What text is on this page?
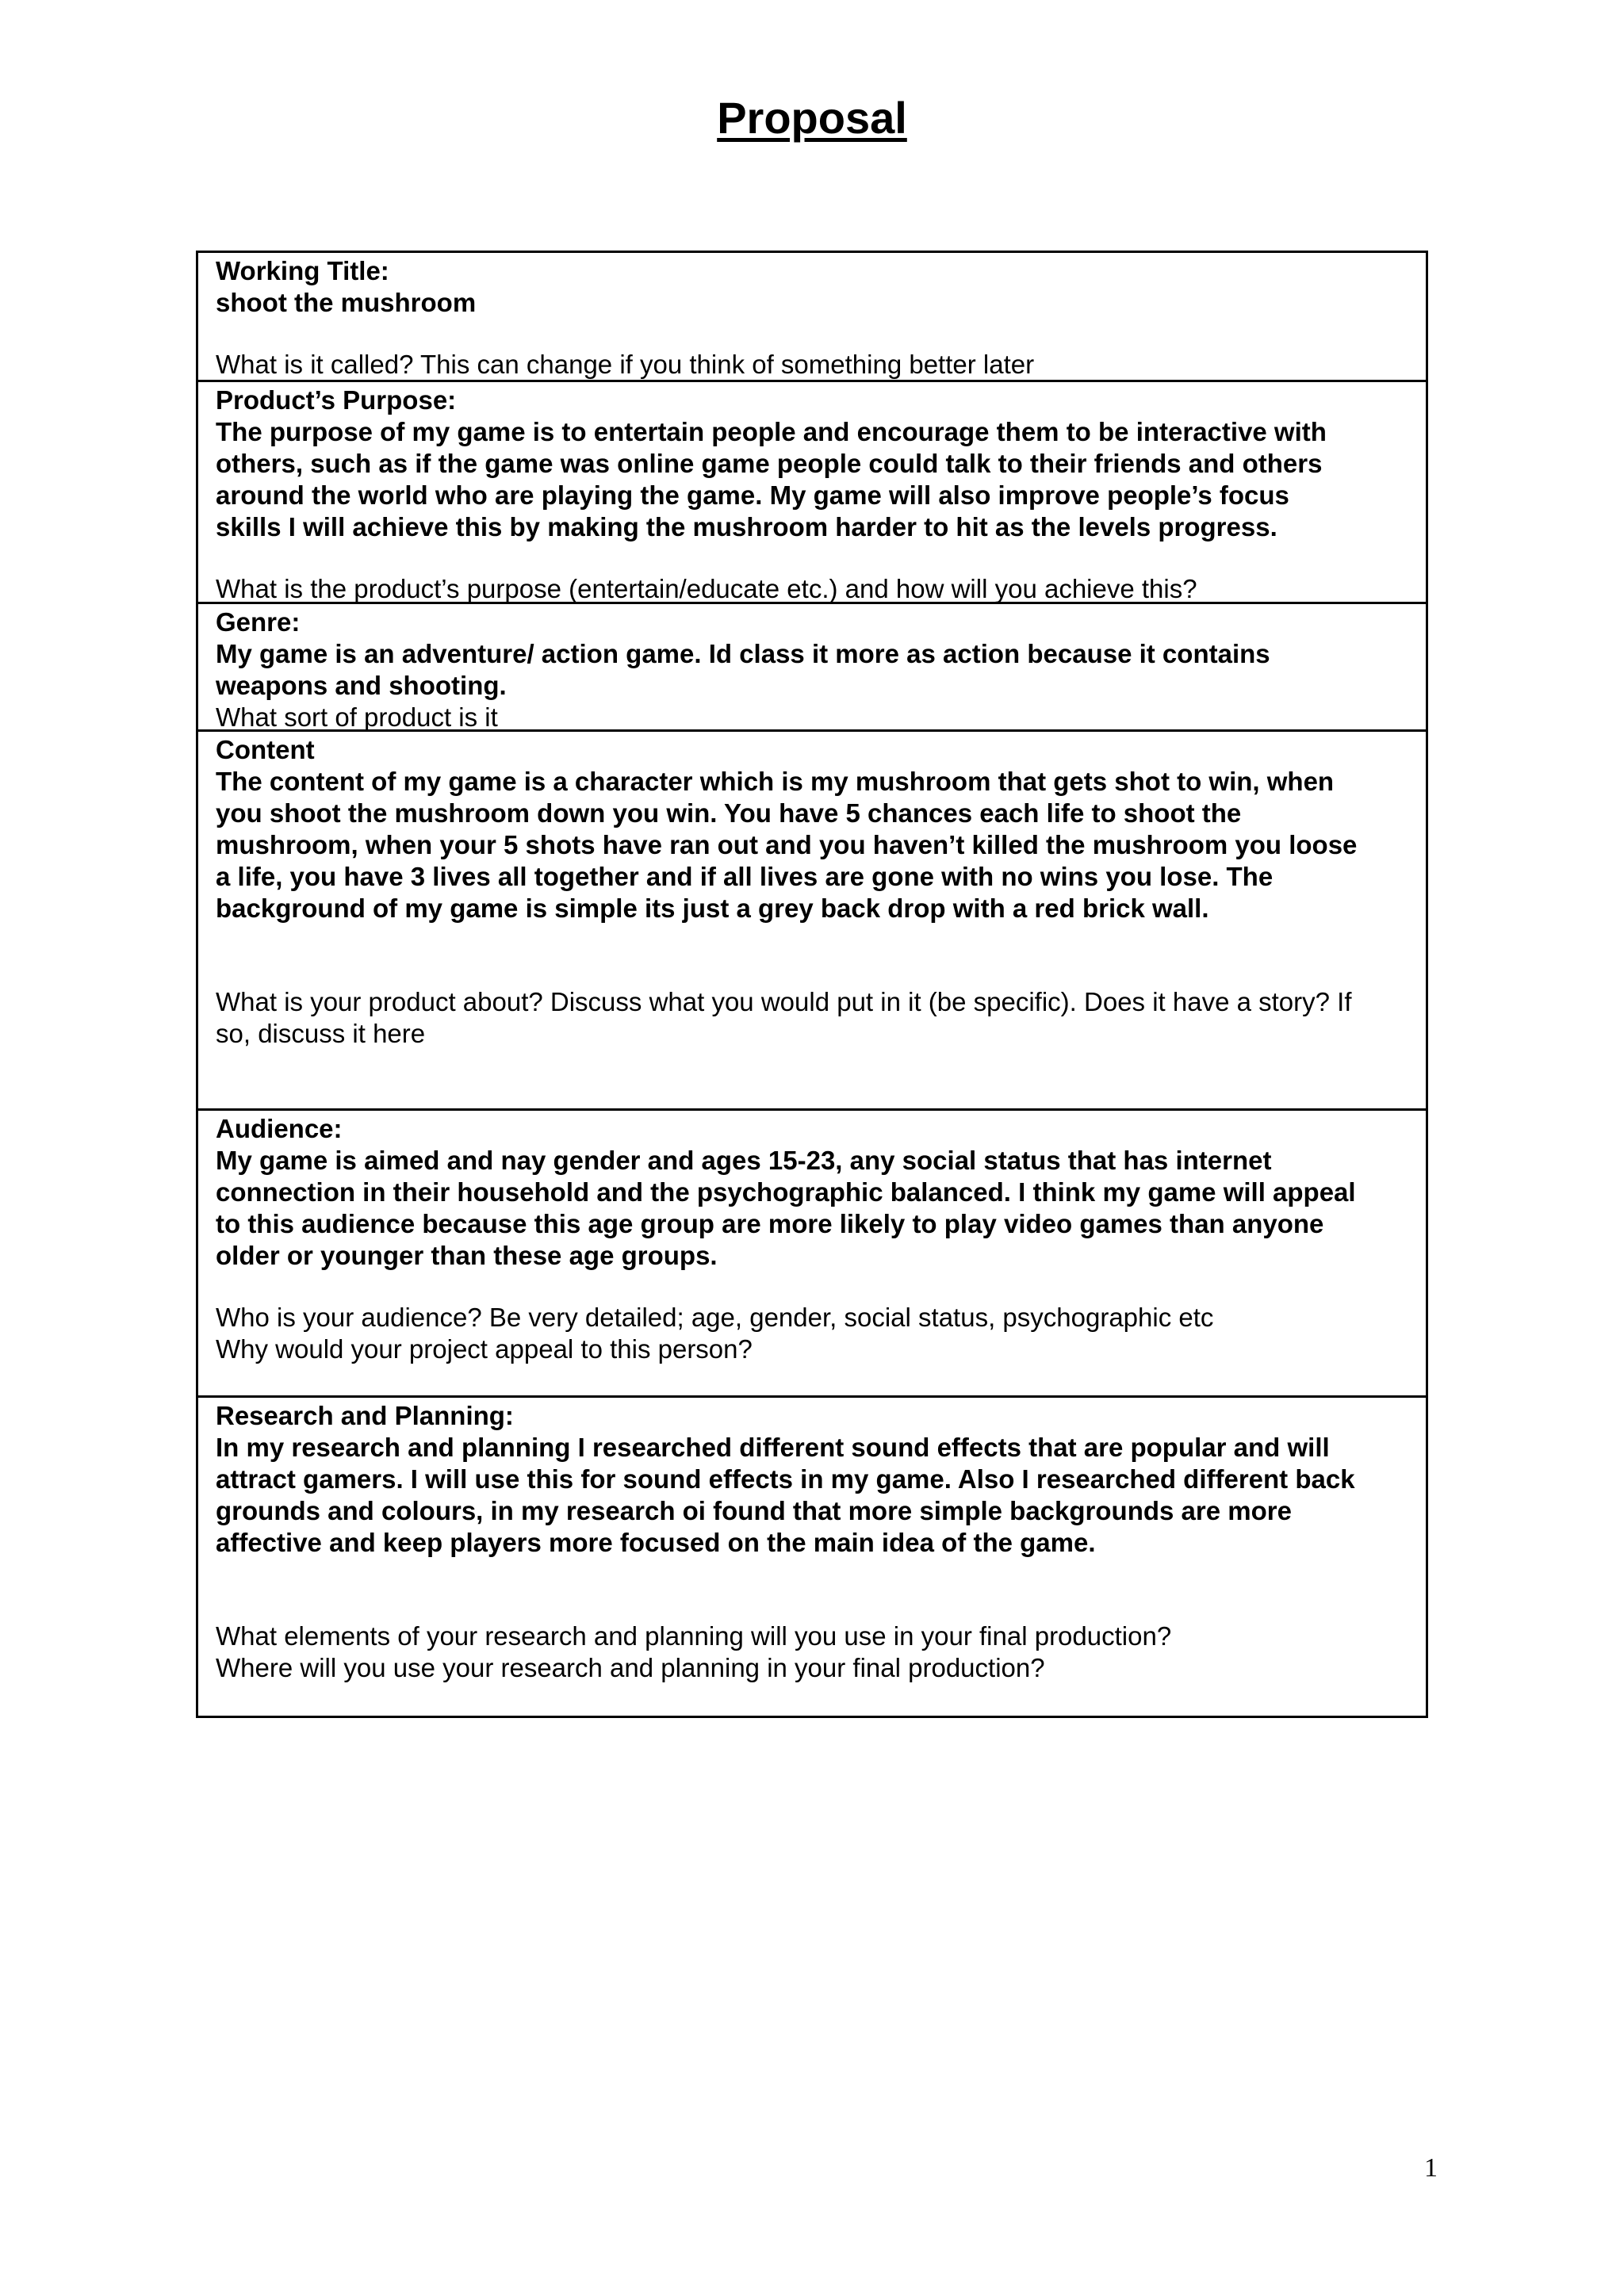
Proposal
Working Title:
shoot the mushroom
What is it called? This can change if you think of something better later
Product’s Purpose:
The purpose of my game is to entertain people and encourage them to be interactive with
others, such as if the game was online game people could talk to their friends and others
around the world who are playing the game. My game will also improve people’s focus
skills I will achieve this by making the mushroom harder to hit as the levels progress.
What is the product’s purpose (entertain/educate etc.) and how will you achieve this?
Genre:
My game is an adventure/ action game. Id class it more as action because it contains
weapons and shooting.
What sort of product is it
Content
The content of my game is a character which is my mushroom that gets shot to win, when
you shoot the mushroom down you win. You have 5 chances each life to shoot the
mushroom, when your 5 shots have ran out and you haven’t killed the mushroom you loose
a life, you have 3 lives all together and if all lives are gone with no wins you lose. The
background of my game is simple its just a grey back drop with a red brick wall.
What is your product about? Discuss what you would put in it (be specific). Does it have a story? If
so, discuss it here
Audience:
My game is aimed and nay gender and ages 15-23, any social status that has internet
connection in their household and the psychographic balanced. I think my game will appeal
to this audience because this age group are more likely to play video games than anyone
older or younger than these age groups.
Who is your audience? Be very detailed; age, gender, social status, psychographic etc
Why would your project appeal to this person?
Research and Planning:
In my research and planning I researched different sound effects that are popular and will
attract gamers. I will use this for sound effects in my game. Also I researched different back
grounds and colours, in my research oi found that more simple backgrounds are more
affective and keep players more focused on the main idea of the game.
What elements of your research and planning will you use in your final production?
Where will you use your research and planning in your final production?
1
